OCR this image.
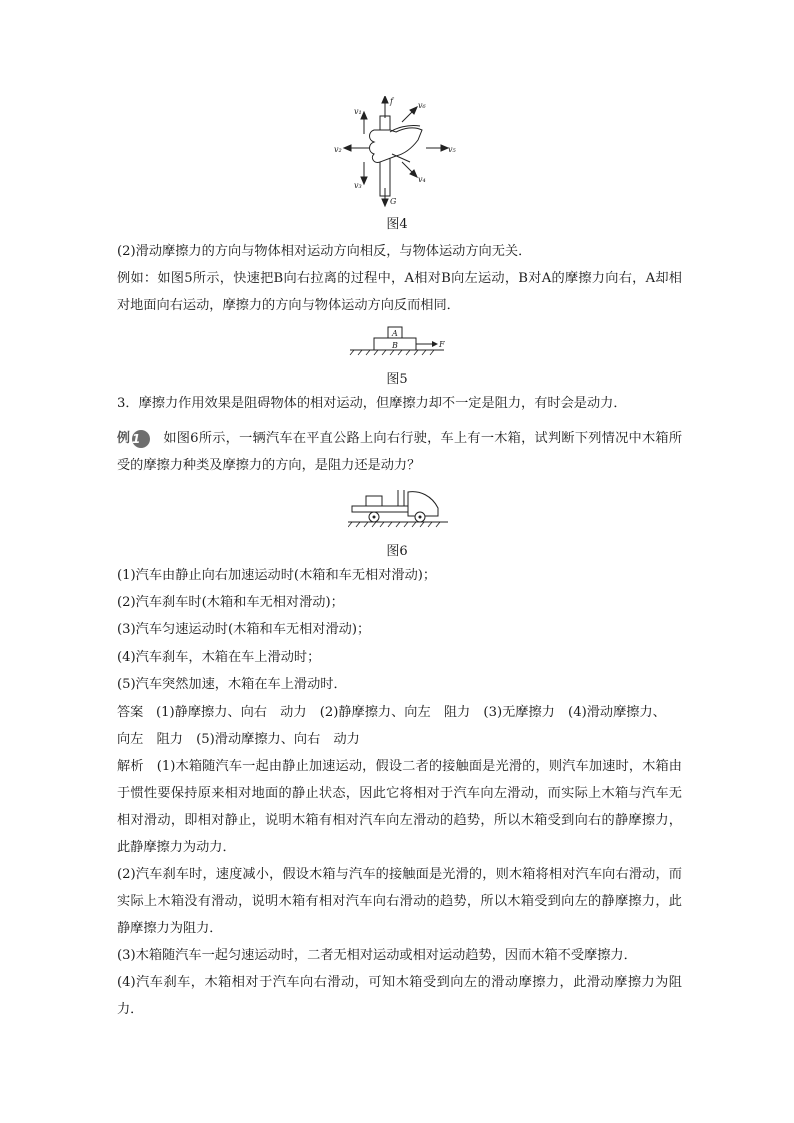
f
G
v₁
v₂
v₃
v₄
v₅
v₆
图4
(2)滑动摩擦力的方向与物体相对运动方向相反，与物体运动方向无关．
例如：如图5所示，快速把B向右拉离的过程中，A相对B向左运动，B对A的摩擦力向右，A却相对地面向右运动，摩擦力的方向与物体运动方向反而相同．
A
B	F
图5
3．摩擦力作用效果是阻碍物体的相对运动，但摩擦力却不一定是阻力，有时会是动力．
例 1	如图6所示，一辆汽车在平直公路上向右行驶，车上有一木箱，试判断下列情况中木箱所受的摩擦力种类及摩擦力的方向，是阻力还是动力？
图6
(1)汽车由静止向右加速运动时(木箱和车无相对滑动)；
(2)汽车刹车时(木箱和车无相对滑动)；
(3)汽车匀速运动时(木箱和车无相对滑动)；
(4)汽车刹车，木箱在车上滑动时；
(5)汽车突然加速，木箱在车上滑动时．
答案 (1)静摩擦力、向右　动力　(2)静摩擦力、向左　阻力　(3)无摩擦力　(4)滑动摩擦力、
向左　阻力　(5)滑动摩擦力、向右　动力
解析 (1)木箱随汽车一起由静止加速运动，假设二者的接触面是光滑的，则汽车加速时，木箱由于惯性要保持原来相对地面的静止状态，因此它将相对于汽车向左滑动，而实际上木箱与汽车无相对滑动，即相对静止，说明木箱有相对汽车向左滑动的趋势，所以木箱受到向右的静摩擦力，此静摩擦力为动力．
(2)汽车刹车时，速度减小，假设木箱与汽车的接触面是光滑的，则木箱将相对汽车向右滑动，而实际上木箱没有滑动，说明木箱有相对汽车向右滑动的趋势，所以木箱受到向左的静摩擦力，此静摩擦力为阻力．
(3)木箱随汽车一起匀速运动时，二者无相对运动或相对运动趋势，因而木箱不受摩擦力．
(4)汽车刹车，木箱相对于汽车向右滑动，可知木箱受到向左的滑动摩擦力，此滑动摩擦力为阻力．
